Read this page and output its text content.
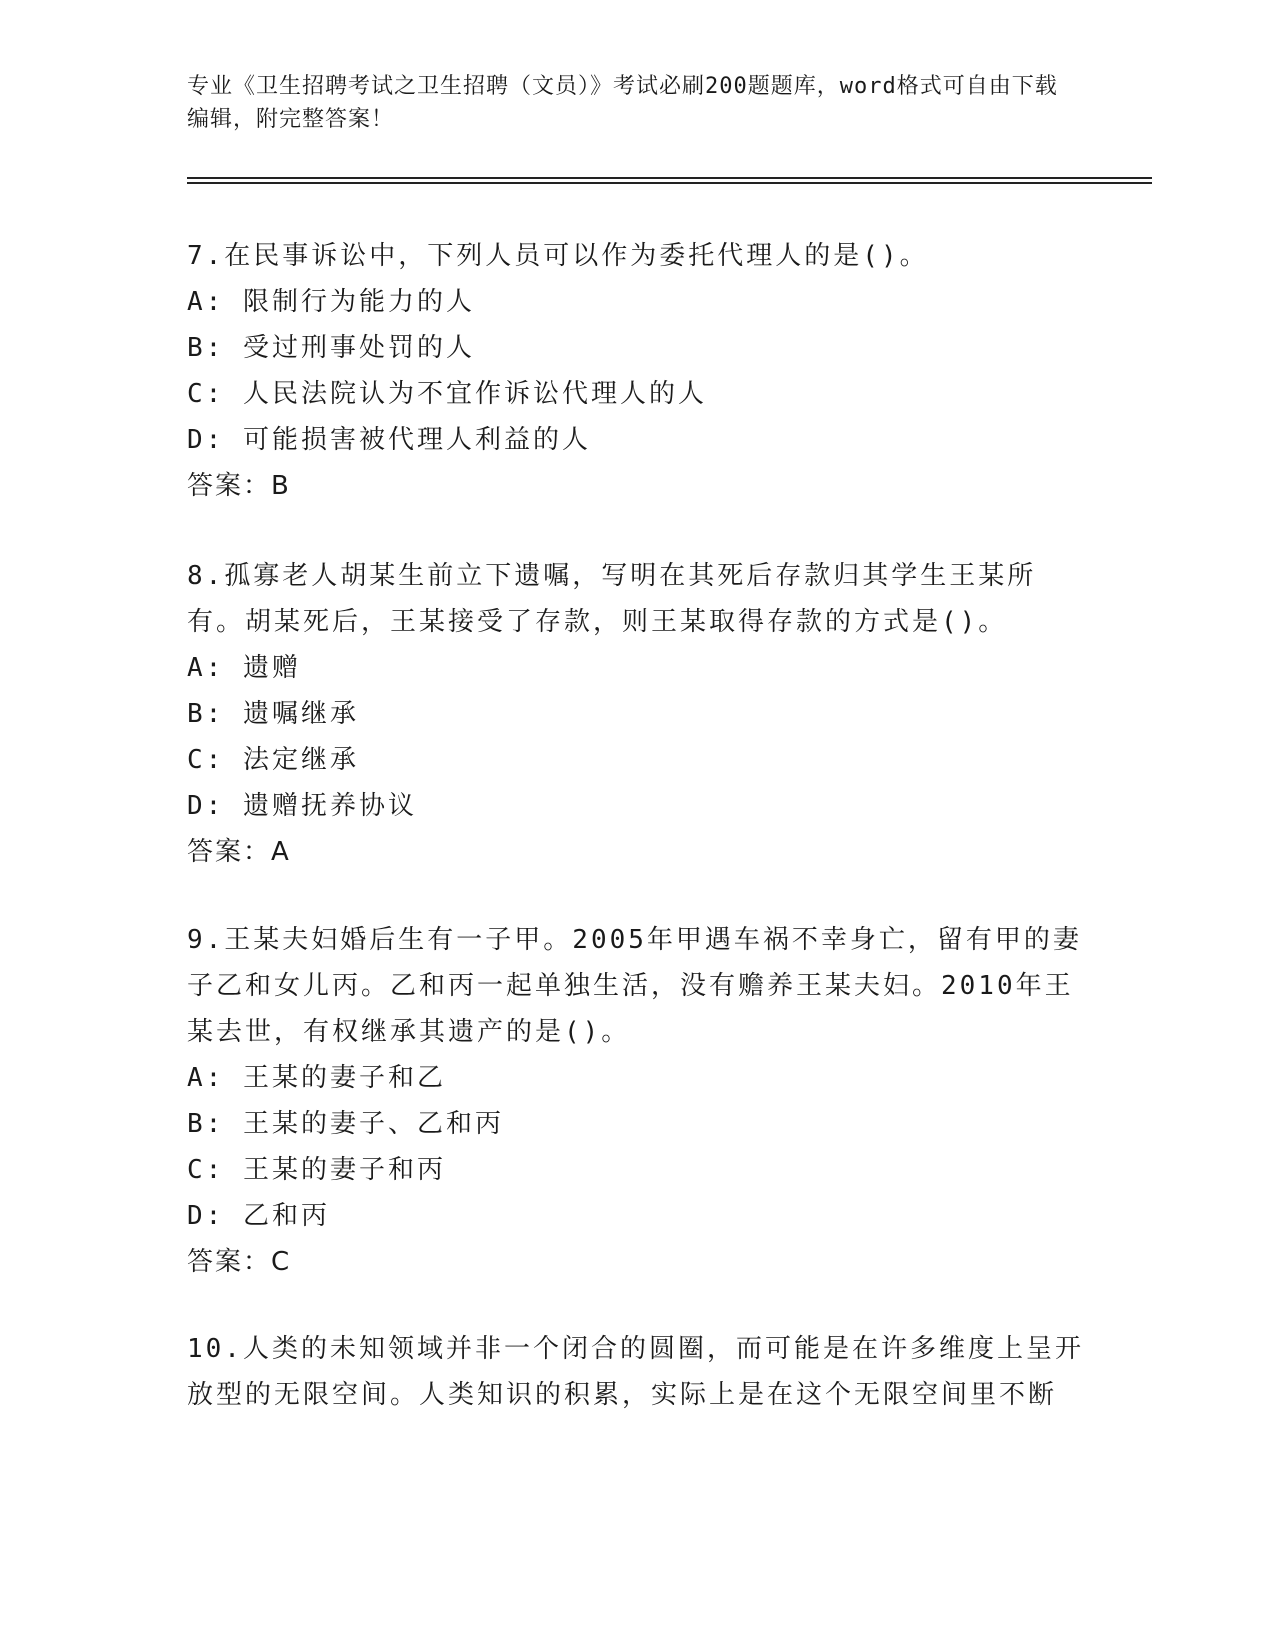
专业《卫生招聘考试之卫生招聘（文员）》考试必刷200题题库，word格式可自由下载编辑，附完整答案！

7.在民事诉讼中，下列人员可以作为委托代理人的是()。

A: 限制行为能力的人

B: 受过刑事处罚的人

C: 人民法院认为不宜作诉讼代理人的人

D: 可能损害被代理人利益的人

答案：B

8.孤寡老人胡某生前立下遗嘱，写明在其死后存款归其学生王某所有。胡某死后，王某接受了存款，则王某取得存款的方式是()。

A: 遗赠

B: 遗嘱继承

C: 法定继承

D: 遗赠抚养协议

答案：A

9.王某夫妇婚后生有一子甲。2005年甲遇车祸不幸身亡，留有甲的妻子乙和女儿丙。乙和丙一起单独生活，没有赡养王某夫妇。2010年王某去世，有权继承其遗产的是()。

A: 王某的妻子和乙

B: 王某的妻子、乙和丙

C: 王某的妻子和丙

D: 乙和丙

答案：C

10.人类的未知领域并非一个闭合的圆圈，而可能是在许多维度上呈开放型的无限空间。人类知识的积累，实际上是在这个无限空间里不断
